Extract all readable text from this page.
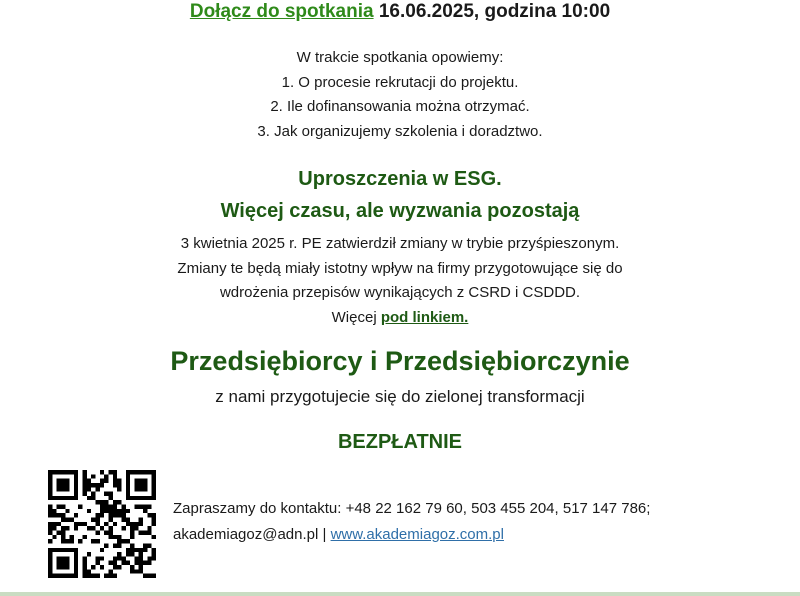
Dołącz do spotkania 16.06.2025, godzina 10:00
W trakcie spotkania opowiemy:
1. O procesie rekrutacji do projektu.
2. Ile dofinansowania można otrzymać.
3. Jak organizujemy szkolenia i doradztwo.
Uproszczenia w ESG.
Więcej czasu, ale wyzwania pozostają
3 kwietnia 2025 r. PE zatwierdził zmiany w trybie przyśpieszonym.
Zmiany te będą miały istotny wpływ na firmy przygotowujące się do
wdrożenia przepisów wynikających z CSRD i CSDDD.
Więcej pod linkiem.
Przedsiębiorcy i Przedsiębiorczynie
z nami przygotujecie się do zielonej transformacji
BEZPŁATNIE
Zapraszamy do kontaktu: +48 22 162 79 60, 503 455 204, 517 147 786;
akademiagoz@adn.pl | www.akademiagoz.com.pl
